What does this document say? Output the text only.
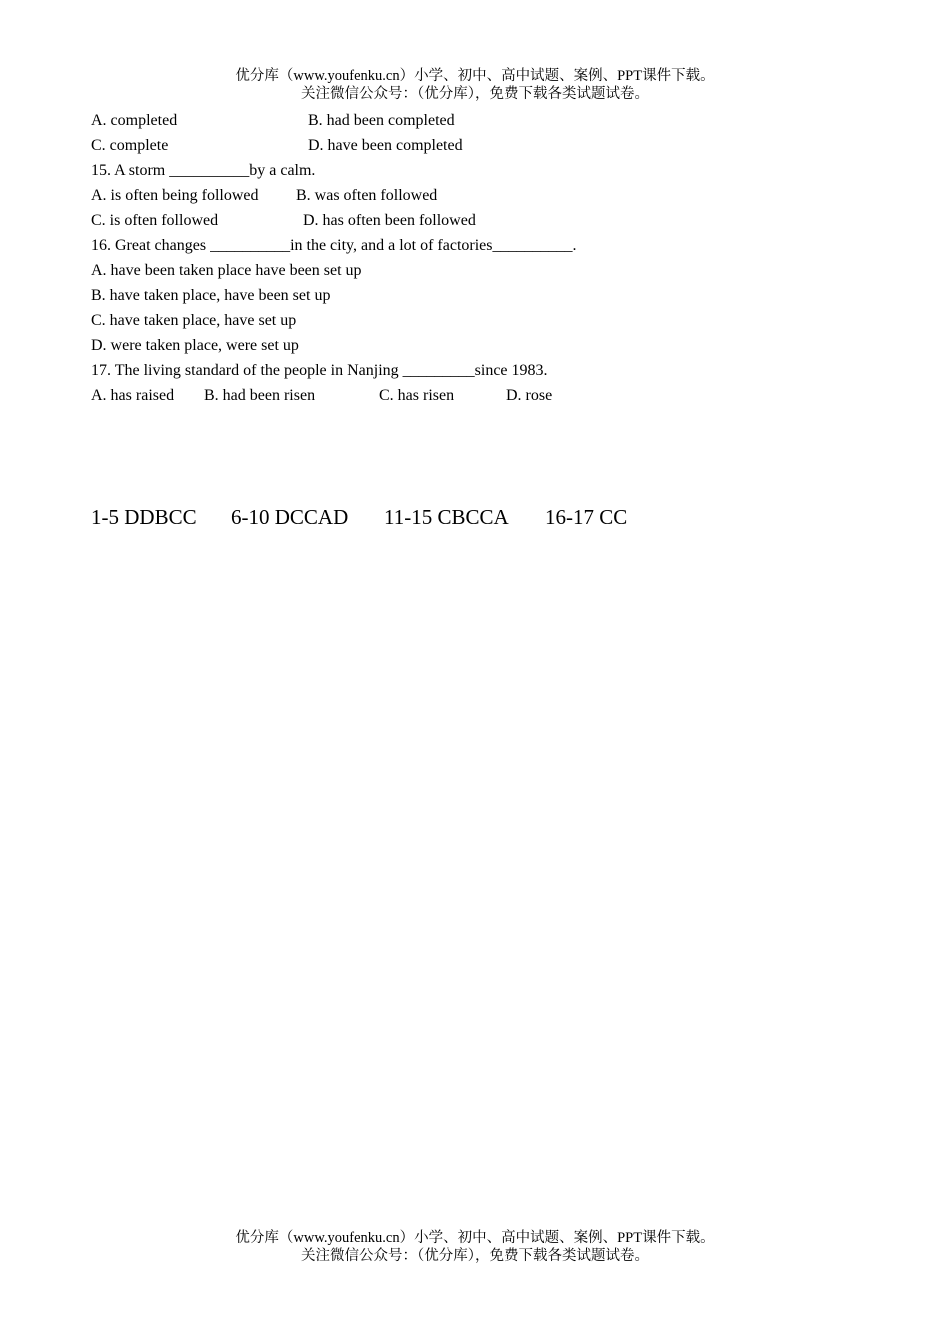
优分库（www.youfenku.cn）小学、初中、高中试题、案例、PPT课件下载。
关注微信公众号：（优分库），免费下载各类试题试卷。
A. completed	B. had been completed
C. complete	D. have been completed
15. A storm __________by a calm.
A. is often being followed B. was often followed
C. is often followed	D. has often been followed
16. Great changes __________in the city, and a lot of factories__________.
A. have been taken place have been set up
B. have taken place, have been set up
C. have taken place, have set up
D. were taken place, were set up
17. The living standard of the people in Nanjing _________since 1983.
A. has raised B. had been risen	C. has risen	D. rose
1-5 DDBCC 6-10 DCCAD 11-15 CBCCA 16-17 CC
优分库（www.youfenku.cn）小学、初中、高中试题、案例、PPT课件下载。
关注微信公众号：（优分库），免费下载各类试题试卷。
